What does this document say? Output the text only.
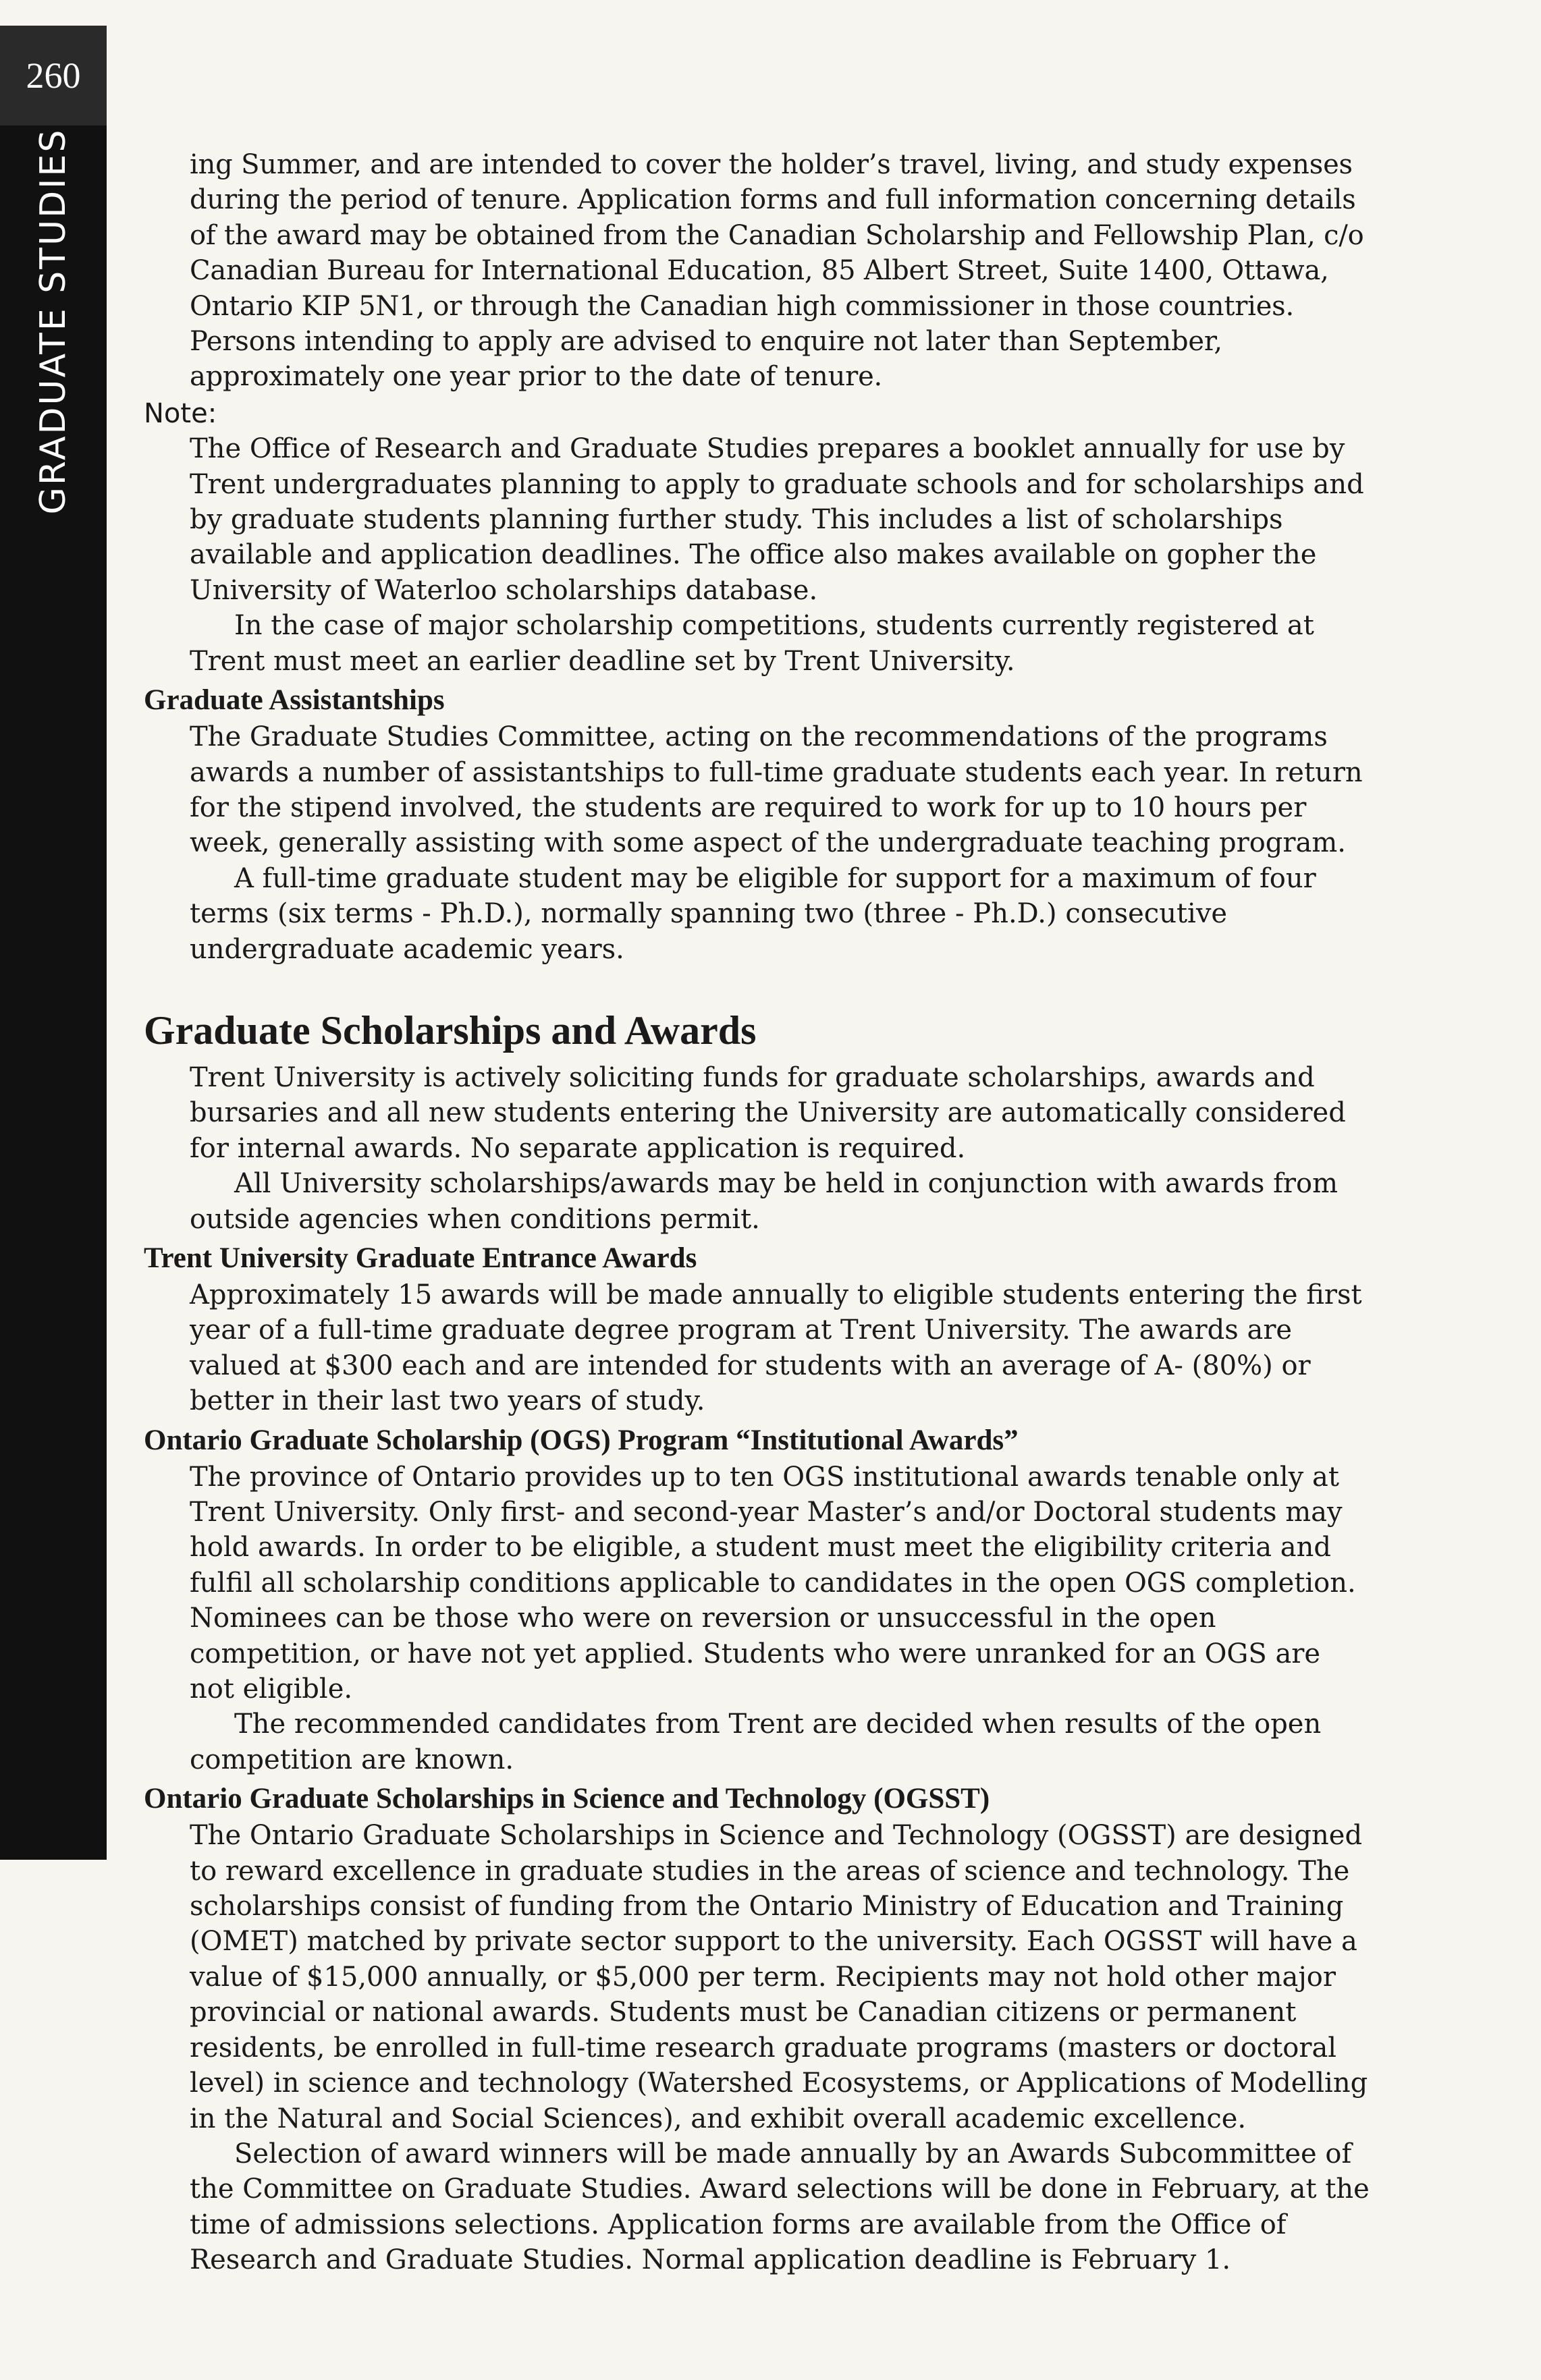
260
GRADUATE STUDIES	ing Summer, and are intended to cover the holder’s travel, living, and study expenses during the period of tenure. Application forms and full information concerning details of the award may be obtained from the Canadian Scholarship and Fellowship Plan, c/o Canadian Bureau for International Education, 85 Albert Street, Suite 1400, Ottawa, Ontario KIP 5N1, or through the Canadian high commissioner in those countries. Persons intending to apply are advised to enquire not later than September, approximately one year prior to the date of tenure.

Note:

The Office of Research and Graduate Studies prepares a booklet annually for use by Trent undergraduates planning to apply to graduate schools and for scholarships and by graduate students planning further study. This includes a list of scholarships available and application deadlines. The office also makes available on gopher the University of Waterloo scholarships database.

In the case of major scholarship competitions, students currently registered at Trent must meet an earlier deadline set by Trent University.

Graduate Assistantships

The Graduate Studies Committee, acting on the recommendations of the programs awards a number of assistantships to full-time graduate students each year. In return for the stipend involved, the students are required to work for up to 10 hours per week, generally assisting with some aspect of the undergraduate teaching program.

A full-time graduate student may be eligible for support for a maximum of four terms (six terms - Ph.D.), normally spanning two (three - Ph.D.) consecutive undergraduate academic years.

Graduate Scholarships and Awards

Trent University is actively soliciting funds for graduate scholarships, awards and bursaries and all new students entering the University are automatically considered for internal awards. No separate application is required.

All University scholarships/awards may be held in conjunction with awards from outside agencies when conditions permit.

Trent University Graduate Entrance Awards

Approximately 15 awards will be made annually to eligible students entering the first year of a full-time graduate degree program at Trent University. The awards are valued at $300 each and are intended for students with an average of A- (80%) or better in their last two years of study.

Ontario Graduate Scholarship (OGS) Program “Institutional Awards”

The province of Ontario provides up to ten OGS institutional awards tenable only at Trent University. Only first- and second-year Master’s and/or Doctoral students may hold awards. In order to be eligible, a student must meet the eligibility criteria and fulfil all scholarship conditions applicable to candidates in the open OGS completion. Nominees can be those who were on reversion or unsuccessful in the open competition, or have not yet applied. Students who were unranked for an OGS are not eligible.

The recommended candidates from Trent are decided when results of the open competition are known.

Ontario Graduate Scholarships in Science and Technology (OGSST)

The Ontario Graduate Scholarships in Science and Technology (OGSST) are designed to reward excellence in graduate studies in the areas of science and technology. The scholarships consist of funding from the Ontario Ministry of Education and Training (OMET) matched by private sector support to the university. Each OGSST will have a value of $15,000 annually, or $5,000 per term. Recipients may not hold other major provincial or national awards. Students must be Canadian citizens or permanent residents, be enrolled in full-time research graduate programs (masters or doctoral level) in science and technology (Watershed Ecosystems, or Applications of Modelling in the Natural and Social Sciences), and exhibit overall academic excellence.

Selection of award winners will be made annually by an Awards Subcommittee of the Committee on Graduate Studies. Award selections will be done in February, at the time of admissions selections. Application forms are available from the Office of Research and Graduate Studies. Normal application deadline is February 1.
